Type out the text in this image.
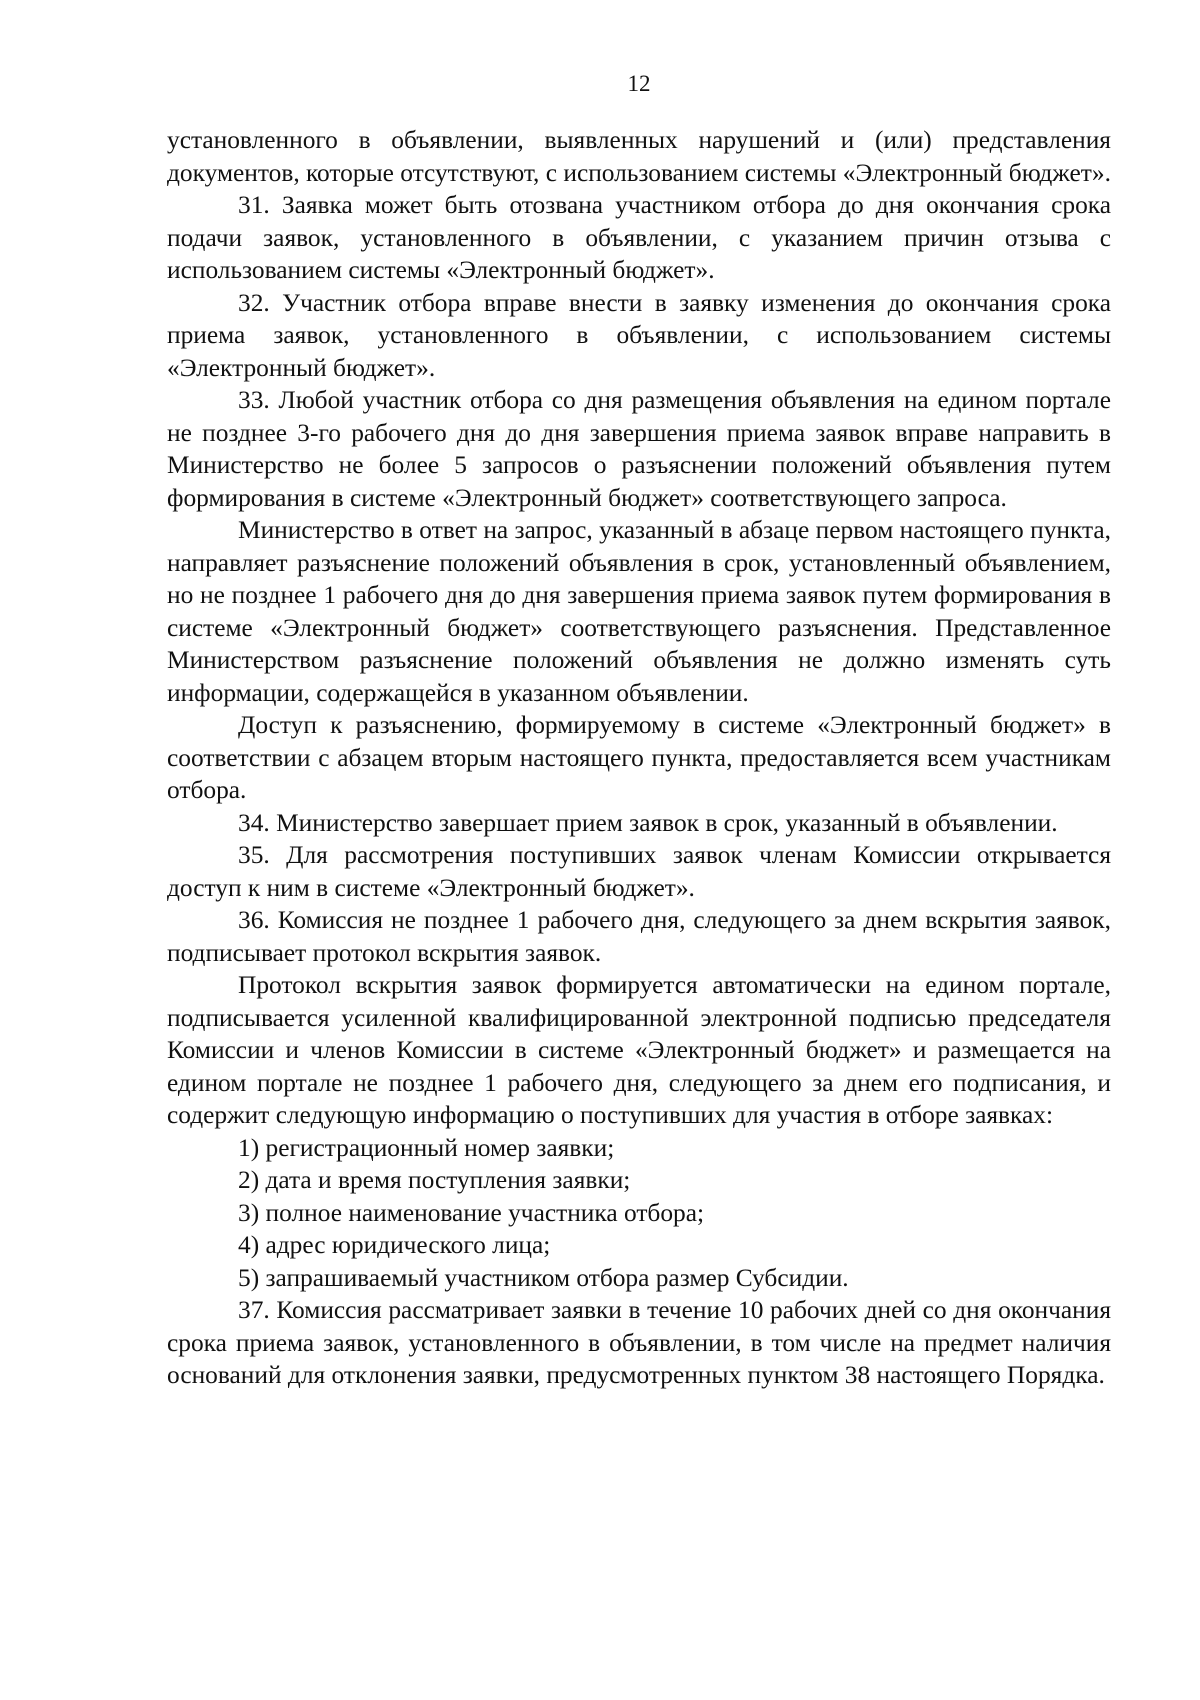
12

установленного в объявлении, выявленных нарушений и (или) представления документов, которые отсутствуют, с использованием системы «Электронный бюджет».

31. Заявка может быть отозвана участником отбора до дня окончания срока подачи заявок, установленного в объявлении, с указанием причин отзыва с использованием системы «Электронный бюджет».

32. Участник отбора вправе внести в заявку изменения до окончания срока приема заявок, установленного в объявлении, с использованием системы «Электронный бюджет».

33. Любой участник отбора со дня размещения объявления на едином портале не позднее 3-го рабочего дня до дня завершения приема заявок вправе направить в Министерство не более 5 запросов о разъяснении положений объявления путем формирования в системе «Электронный бюджет» соответствующего запроса.

Министерство в ответ на запрос, указанный в абзаце первом настоящего пункта, направляет разъяснение положений объявления в срок, установленный объявлением, но не позднее 1 рабочего дня до дня завершения приема заявок путем формирования в системе «Электронный бюджет» соответствующего разъяснения. Представленное Министерством разъяснение положений объявления не должно изменять суть информации, содержащейся в указанном объявлении.

Доступ к разъяснению, формируемому в системе «Электронный бюджет» в соответствии с абзацем вторым настоящего пункта, предоставляется всем участникам отбора.

34. Министерство завершает прием заявок в срок, указанный в объявлении.

35. Для рассмотрения поступивших заявок членам Комиссии открывается доступ к ним в системе «Электронный бюджет».

36. Комиссия не позднее 1 рабочего дня, следующего за днем вскрытия заявок, подписывает протокол вскрытия заявок.

Протокол вскрытия заявок формируется автоматически на едином портале, подписывается усиленной квалифицированной электронной подписью председателя Комиссии и членов Комиссии в системе «Электронный бюджет» и размещается на едином портале не позднее 1 рабочего дня, следующего за днем его подписания, и содержит следующую информацию о поступивших для участия в отборе заявках:

1) регистрационный номер заявки;

2) дата и время поступления заявки;

3) полное наименование участника отбора;

4) адрес юридического лица;

5) запрашиваемый участником отбора размер Субсидии.

37. Комиссия рассматривает заявки в течение 10 рабочих дней со дня окончания срока приема заявок, установленного в объявлении, в том числе на предмет наличия оснований для отклонения заявки, предусмотренных пунктом 38 настоящего Порядка.
